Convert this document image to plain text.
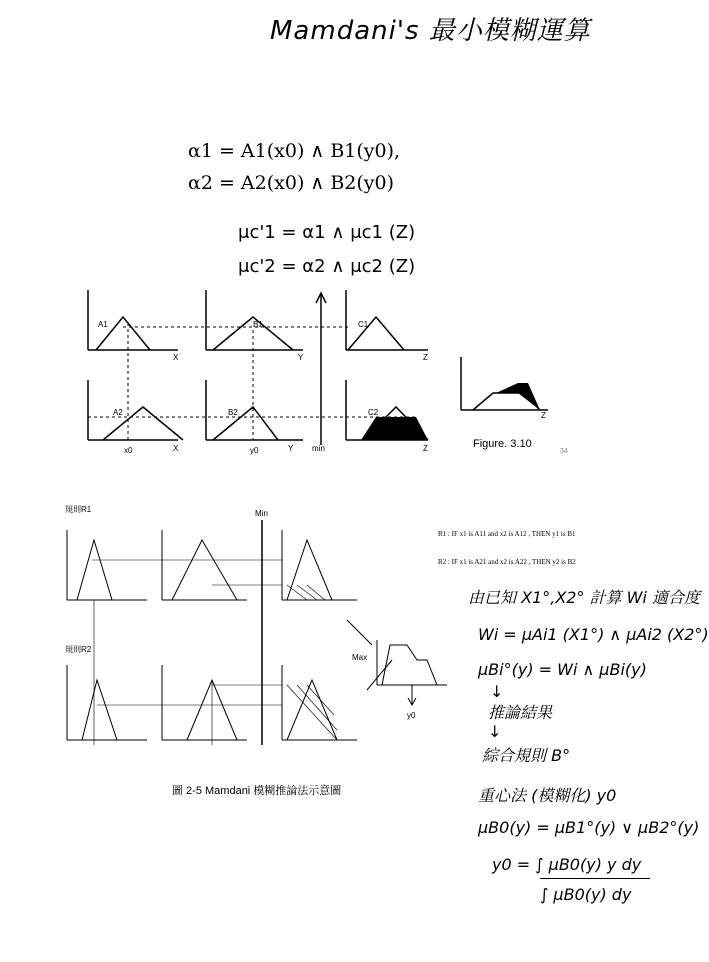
Mamdani's 最小模糊運算
α1 = A1(x0) ∧ B1(y0),
α2 = A2(x0) ∧ B2(y0)
μc'1 = α1 ∧ μc1 (Z)
μc'2 = α2 ∧ μc2 (Z)
A1	B1	C1
A2	B2	C2
X	Y	Z
X	Y	Z
Z
x0	y0	min	Figure. 3.10
34
規則R1
規則R2
Min
Max
y0
圖 2-5 Mamdani 模糊推論法示意圖
R1 : IF x1 is A11 and x2 is A12 , THEN y1 is B1
R2 : IF x1 is A21 and x2 is A22 , THEN y2 is B2
由已知 X1°,X2° 計算 Wi 適合度
Wi = μAi1 (X1°) ∧ μAi2 (X2°)
μBi°(y) = Wi ∧ μBi(y)
↓
推論結果
↓
綜合規則 B°
重心法 (模糊化) y0
μB0(y) = μB1°(y) ∨ μB2°(y)
y0 = ∫ μB0(y) y dy
∫ μB0(y) dy
